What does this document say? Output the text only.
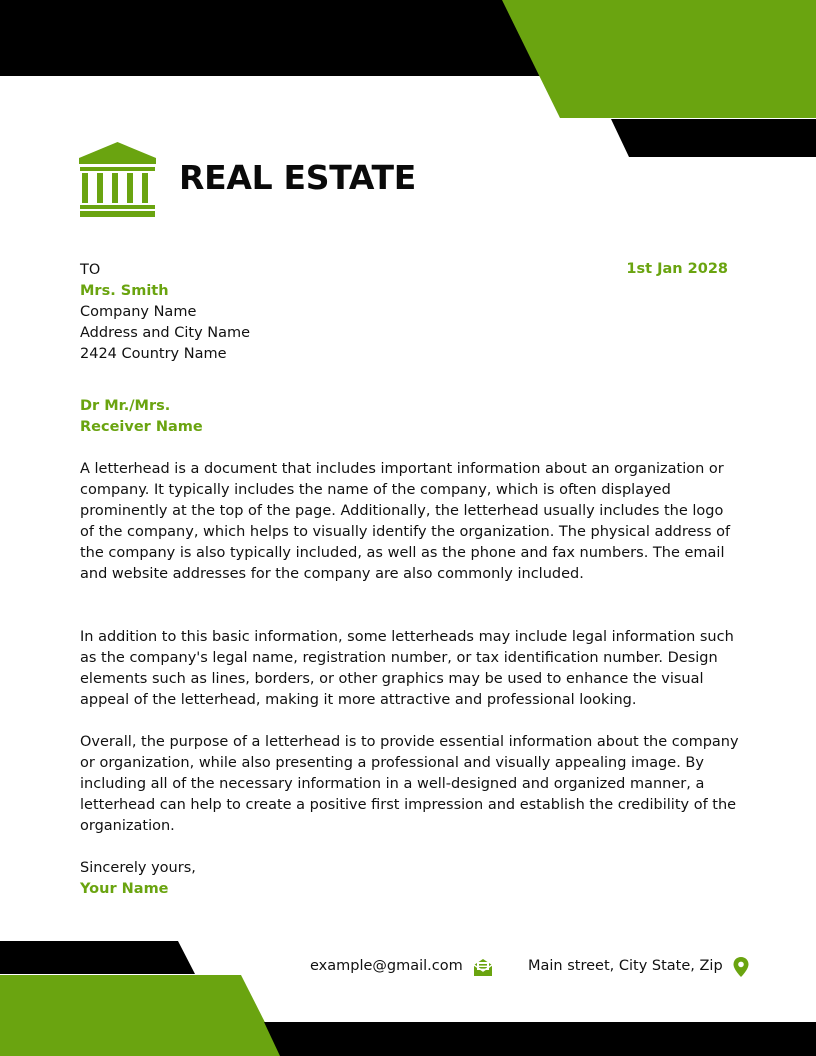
REAL ESTATE
1st Jan 2028
TO
Mrs. Smith
Company Name
Address and City Name
2424 Country Name
Dr Mr./Mrs.
Receiver Name

A letterhead is a document that includes important information about an organization or company. It typically includes the name of the company, which is often displayed prominently at the top of the page. Additionally, the letterhead usually includes the logo of the company, which helps to visually identify the organization. The physical address of the company is also typically included, as well as the phone and fax numbers. The email and website addresses for the company are also commonly included.

In addition to this basic information, some letterheads may include legal information such as the company's legal name, registration number, or tax identification number. Design elements such as lines, borders, or other graphics may be used to enhance the visual appeal of the letterhead, making it more attractive and professional looking.

Overall, the purpose of a letterhead is to provide essential information about the company or organization, while also presenting a professional and visually appealing image. By including all of the necessary information in a well-designed and organized manner, a letterhead can help to create a positive first impression and establish the credibility of the organization.

Sincerely yours,
Your Name
example@gmail.com	Main street, City State, Zip
